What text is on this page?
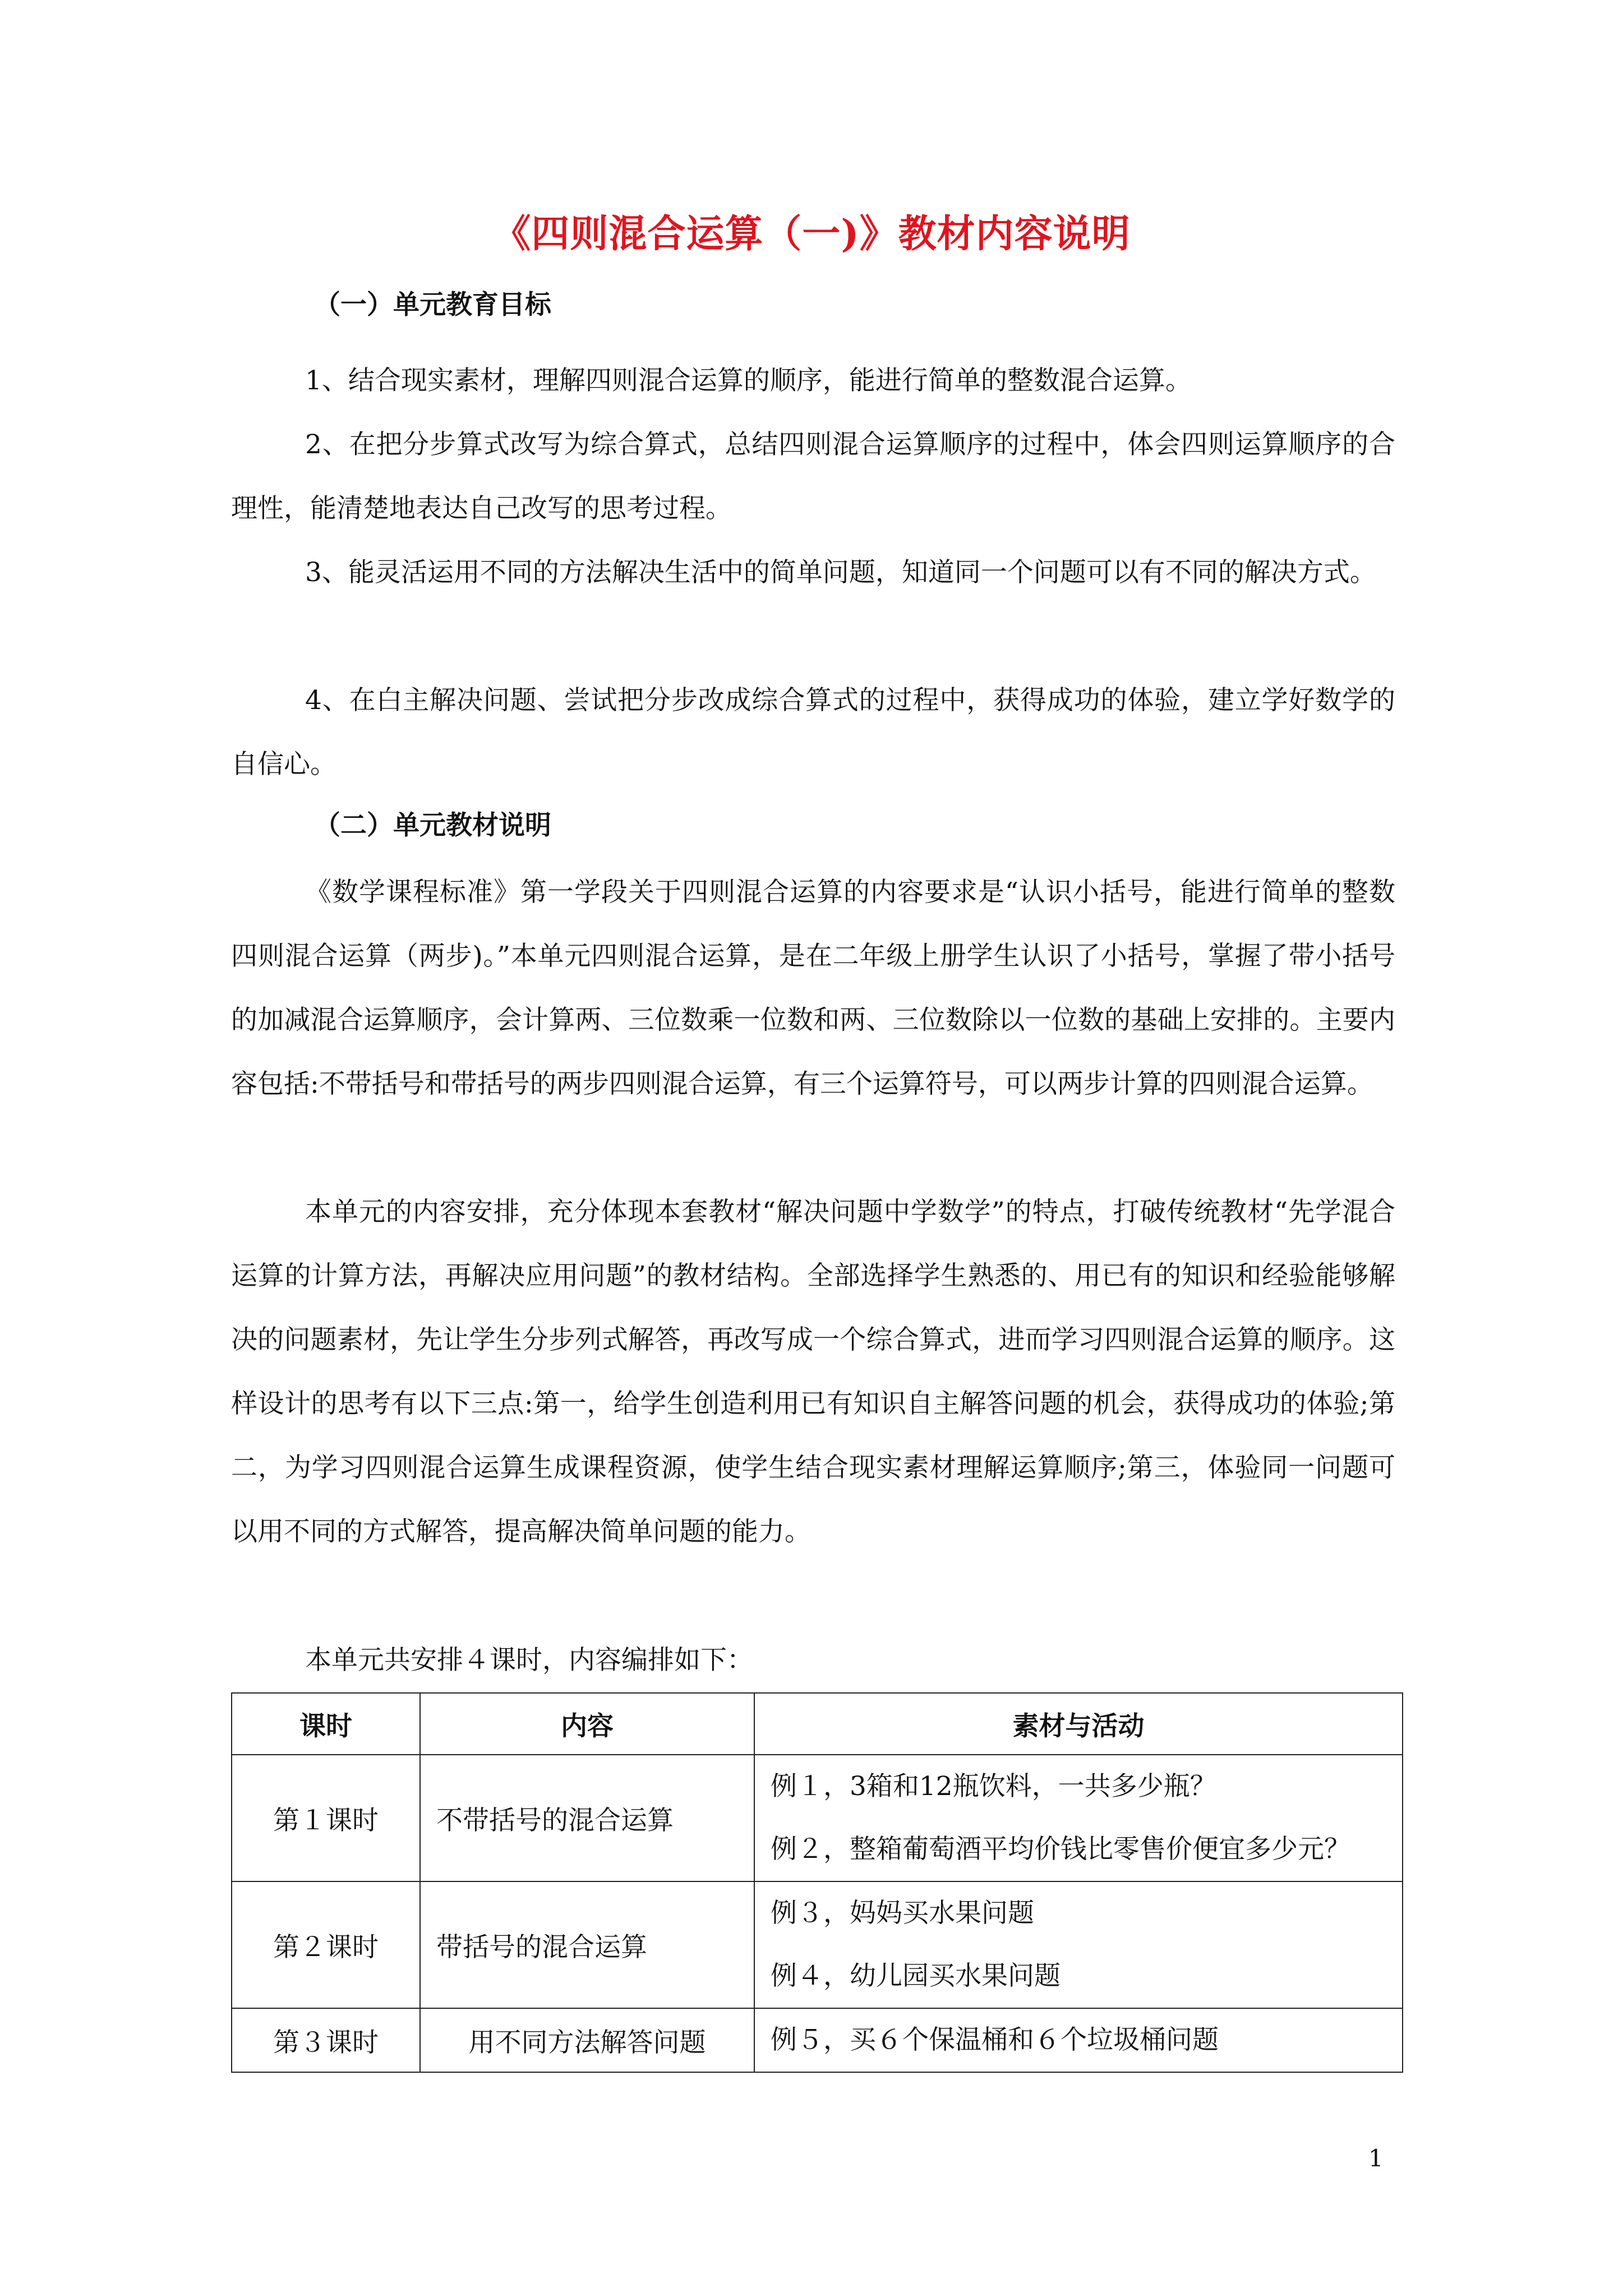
《四则混合运算（一)》教材内容说明

（一）单元教育目标

1、结合现实素材，理解四则混合运算的顺序，能进行简单的整数混合运算。

2、在把分步算式改写为综合算式，总结四则混合运算顺序的过程中，体会四则运算顺序的合理性，能清楚地表达自己改写的思考过程。

3、能灵活运用不同的方法解决生活中的简单问题，知道同一个问题可以有不同的解决方式。

4、在白主解决问题、尝试把分步改成综合算式的过程中，获得成功的体验，建立学好数学的自信心。

（二）单元教材说明

《数学课程标准》第一学段关于四则混合运算的内容要求是“认识小括号，能进行简单的整数四则混合运算（两步)。”本单元四则混合运算，是在二年级上册学生认识了小括号，掌握了带小括号的加减混合运算顺序，会计算两、三位数乘一位数和两、三位数除以一位数的基础上安排的。主要内容包括:不带括号和带括号的两步四则混合运算，有三个运算符号，可以两步计算的四则混合运算。

本单元的内容安排，充分体现本套教材“解决问题中学数学”的特点，打破传统教材“先学混合运算的计算方法，再解决应用问题”的教材结构。全部选择学生熟悉的、用已有的知识和经验能够解决的问题素材，先让学生分步列式解答，再改写成一个综合算式，进而学习四则混合运算的顺序。这样设计的思考有以下三点:第一，给学生创造利用已有知识自主解答问题的机会，获得成功的体验;第二，为学习四则混合运算生成课程资源，使学生结合现实素材理解运算顺序;第三，体验同一问题可以用不同的方式解答，提高解决简单问题的能力。

本单元共安排４课时，内容编排如下：

课时	内容	素材与活动
第１课时	不带括号的混合运算	例１，3箱和12瓶饮料，一共多少瓶？
例２，整箱葡萄酒平均价钱比零售价便宜多少元？

第２课时	带括号的混合运算	例３，妈妈买水果问题
例４，幼儿园买水果问题

第３课时	用不同方法解答问题	例５，买６个保温桶和６个垃圾桶问题

1
